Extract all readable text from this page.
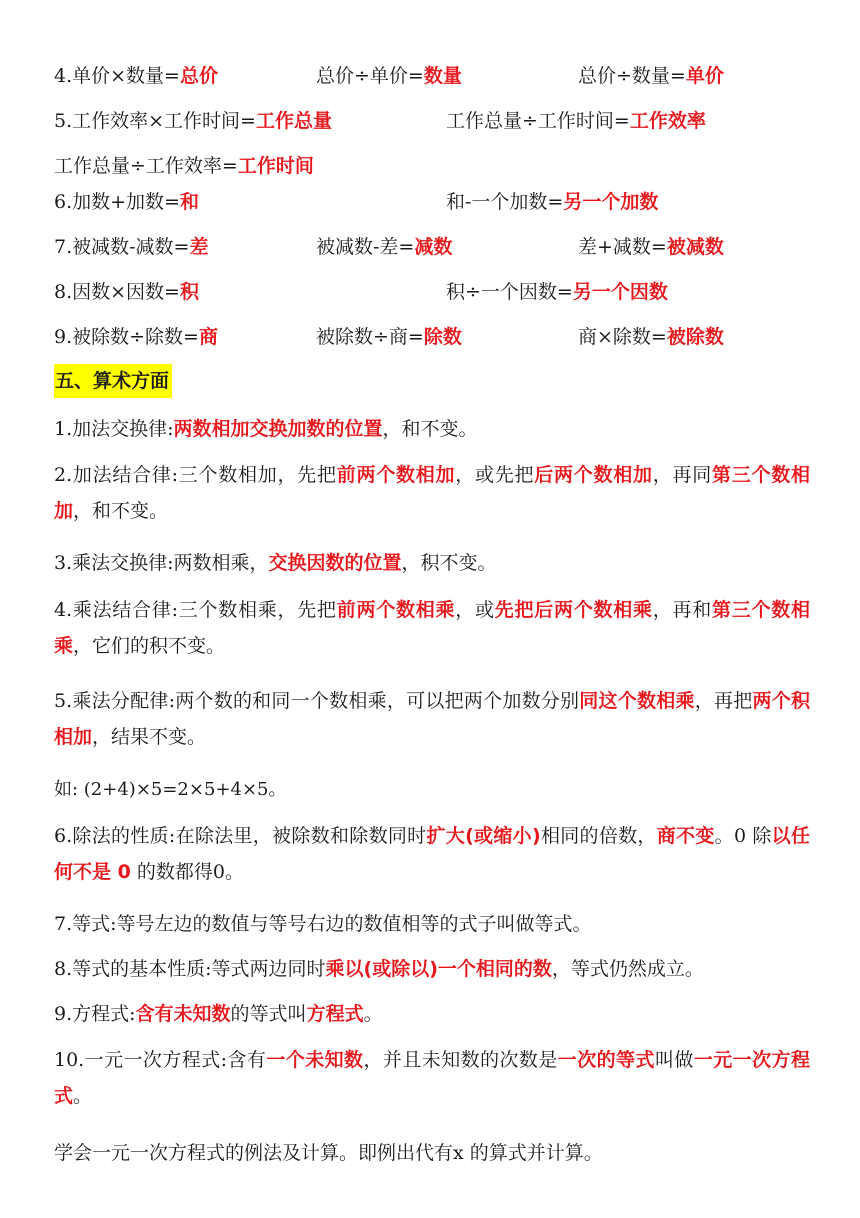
4.单价×数量=总价	总价÷单价=数量	总价÷数量=单价
5.工作效率×工作时间=工作总量	工作总量÷工作时间=工作效率
工作总量÷工作效率=工作时间
6.加数+加数=和	和-一个加数=另一个加数
7.被减数-减数=差	被减数-差=减数	差+减数=被减数
8.因数×因数=积	积÷一个因数=另一个因数
9.被除数÷除数=商	被除数÷商=除数	商×除数=被除数
五、算术方面
1.加法交换律:两数相加交换加数的位置，和不变。
2.加法结合律:三个数相加，先把前两个数相加，或先把后两个数相加，再同第三个数相加，和不变。
3.乘法交换律:两数相乘，交换因数的位置，积不变。
4.乘法结合律:三个数相乘，先把前两个数相乘，或先把后两个数相乘，再和第三个数相乘，它们的积不变。
5.乘法分配律:两个数的和同一个数相乘，可以把两个加数分别同这个数相乘，再把两个积相加，结果不变。
如: (2+4)×5=2×5+4×5。
6.除法的性质:在除法里，被除数和除数同时扩大(或缩小)相同的倍数，商不变。0 除以任何不是 0 的数都得0。
7.等式:等号左边的数值与等号右边的数值相等的式子叫做等式。
8.等式的基本性质:等式两边同时乘以(或除以)一个相同的数，等式仍然成立。
9.方程式:含有未知数的等式叫方程式。
10.一元一次方程式:含有一个未知数，并且未知数的次数是一次的等式叫做一元一次方程式。
学会一元一次方程式的例法及计算。即例出代有x 的算式并计算。
